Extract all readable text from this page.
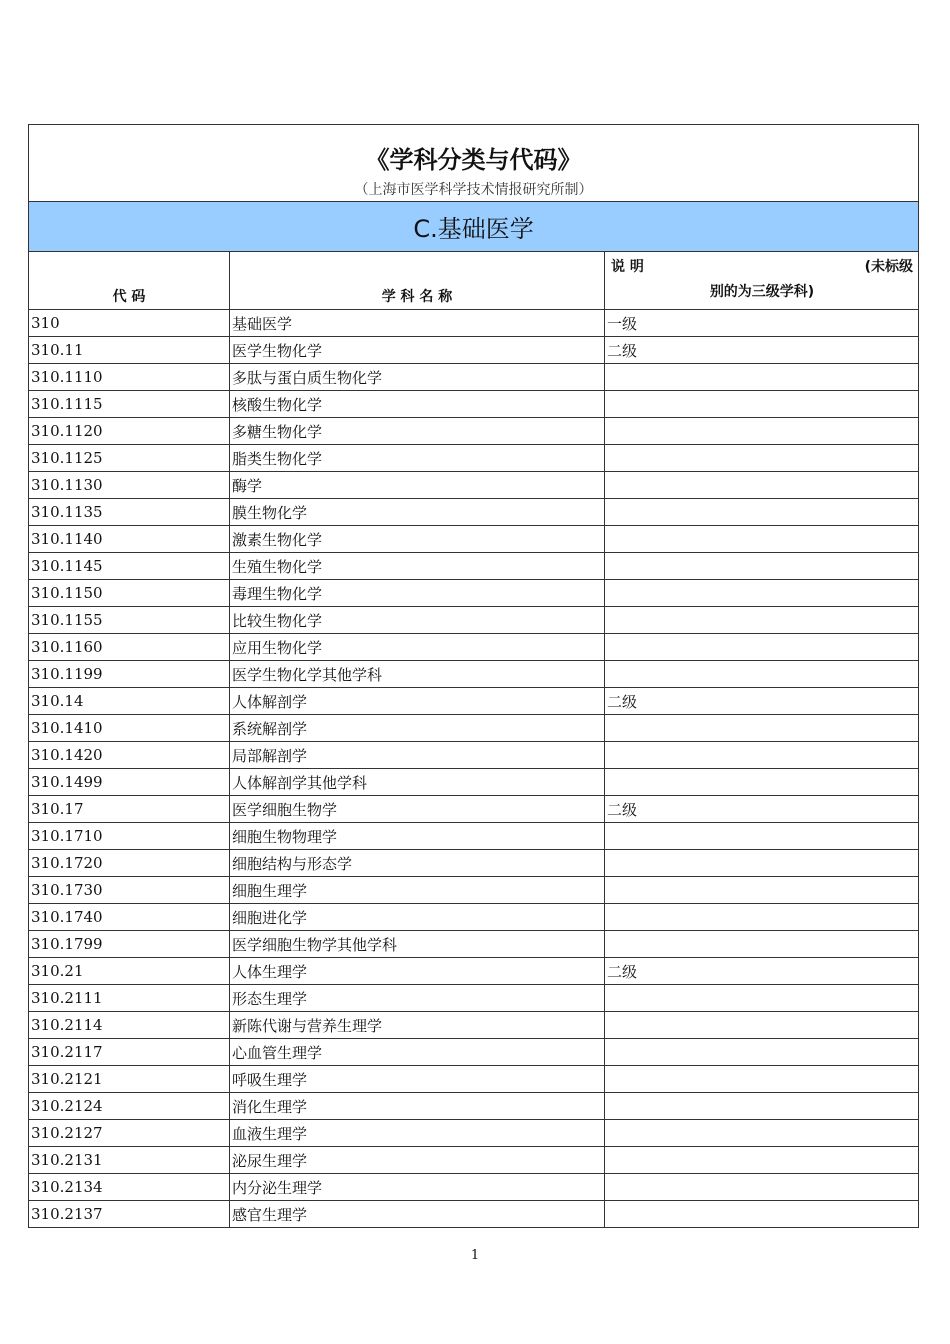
《学科分类与代码》		
（上海市医学科学技术情报研究所制）		
C.基础医学		
代 码	学 科 名 称	说 明 (未标级
别的为三级学科)

310	基础医学	一级
310.11	医学生物化学	二级
310.1110	多肽与蛋白质生物化学	
310.1115	核酸生物化学	
310.1120	多糖生物化学	
310.1125	脂类生物化学	
310.1130	酶学	
310.1135	膜生物化学	
310.1140	激素生物化学	
310.1145	生殖生物化学	
310.1150	毒理生物化学	
310.1155	比较生物化学	
310.1160	应用生物化学	
310.1199	医学生物化学其他学科	
310.14	人体解剖学	二级
310.1410	系统解剖学	
310.1420	局部解剖学	
310.1499	人体解剖学其他学科	
310.17	医学细胞生物学	二级
310.1710	细胞生物物理学	
310.1720	细胞结构与形态学	
310.1730	细胞生理学	
310.1740	细胞进化学	
310.1799	医学细胞生物学其他学科	
310.21	人体生理学	二级
310.2111	形态生理学	
310.2114	新陈代谢与营养生理学	
310.2117	心血管生理学	
310.2121	呼吸生理学	
310.2124	消化生理学	
310.2127	血液生理学	
310.2131	泌尿生理学	
310.2134	内分泌生理学	
310.2137	感官生理学	
1
